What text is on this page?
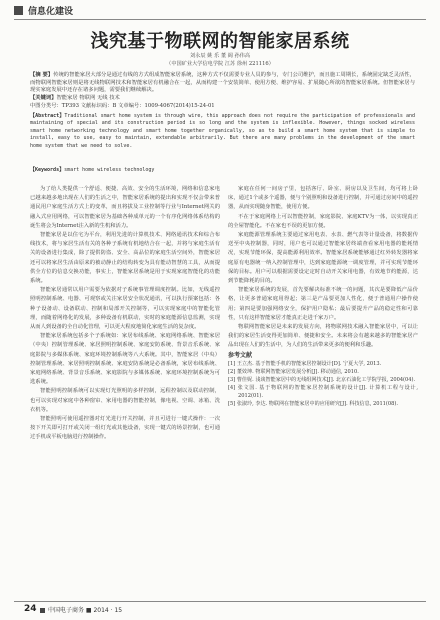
信息化建设
浅究基于物联网的智能家居系统
刘永辰 姚 乐 董 阔 孙伟高
（中国矿业大学信电学院 江苏 徐州 221116）
【摘 要】传统的智能家居大部分是通过有线的方式组成智能家居系统，这种方式不仅需要专业人员的参与，专门公司维护，而且施工周期长，系统固定缺乏灵活性，而物联网智能家居则是将无线物联网技术和智能家居有机融合在一起，从而构建一个安装简单、使用方便、维护容易、扩展随心所欲的智能家居系统。但智能家居与现实家庭发展中还存在诸多问题，需要我们继续解决。
【关键词】智能家居 物联网 无线 技术
中图分类号：TP393 文献标识码：B 文章编号：1009-4067(2014)15-24-01
【Abstract】Traditional smart home system is through wire, this approach does not require the participation of professionals and maintaining of special and its construction period is so long and the system is inflexible. However, things socked wireless smart home networking technology and smart home together organically, so as to build a smart home system that is simple to install, easy to use, easy to maintain, extendable arbitrarily. But there are many problems in the development of the smart home system that we need to solve.
【Keywords】smart home wireless technology

为了给人类提供一个舒适、便捷、高效、安全的生活环境，网络和信息家电已越来越多地出现在人们的生活之中，智能家居系统的提出和实现不仅会带来普通民用户家庭生活方式上的变革，而且将拔及工业控制等行业与Internet网关的融入式应用网络，可以智能家居为基础各种成单元的一个有序化网络体系结构的诞生将会为Internet注入新的生机和活力。

智能家居是以住宅为平台，利用先进的计算机技术、网络通讯技术和综合布线技术，将与家居生活有关的各种子系统有机地结合在一起，并将与家庭生活有关的设备进行集成，除了提供防盗、安全、高品位的家庭生活空间外，智能家居还可以将家居生活由原来的被动静止的结构转变为具有能动智慧的工具，从而提供全方位的信息交换功能，事实上，智能家居系统是用于实现家庭智能化的功能系统。

智能家居通常以用户需要为依据对子系统事管理调度控制。比如，无线遥控照明控制系统、电器、可观察或关注家居安全状况通讯，可以执行预案包括：各种子设备动、设备联动、控制和局部开关控制等，可以实现家庭中的智能化管理，而随着网络化的发展，多种设备有机联动，实时的家庭能源信息监测，实现从而人到设备的全自动化管理，可以更大程度地简化家庭生活的复杂度。

智能家居系统包括多个子系统如：家居布线系统、家庭网络系统、智能家居（中央）控制管理系统、家居照明控制系统、家庭安防系统、背景音乐系统、家庭影院与多媒体系统、家庭环境控制系统等八大系统。其中，智能家居（中央）控制管理系统、家居照明控制系统、家庭安防系统是必备系统，家居布线系统、家庭网络系统、背景音乐系统、家庭影院与多媒体系统、家庭环境控制系统为可选系统。

智能照明控制系统可以实现灯光照明的多样控制，远程控制以及联动控制，也可以实现对家庭中各种窗帘、家用电器的智能控制，像电视、空调、冰箱、洗衣机等。

智能照明可使用遥控器对灯光进行开关控制，并且可进行一键式操作：一次按下开关即可打开或关闭一组灯光或其他设备，实现一键式的场景控制，也可通过手机或平板电脑进行控制操作。

家庭在任何一间房子里，包括客厅、卧室、厨房以及卫生间，均可将上卧床，通过1个或多个遥器，便与个别照明和设备进行控制，并可通过房间中的遥控器，从而实现随身智能，使用方便。

不在于家庭网络上可以智能控制，家庭影院、家庭KTV为一体，以实现真正的全屋智能化。不在家也不误的更加方便。

家庭能源管理系统主要通过家用电表、水表、燃气表等计量设备，将数据传送至中央控制器，同时，用户也可以通过智能家居终端查看家用电器的能耗情况，实现节能环保，提高能源利用效率。智能家居系统能够通过红外转发器将家庭原有电器统一纳入控制管理中，达到家庭能源统一调度管理，并可实现节能环保的目标。用户可以根据需要设定定时自动开关家用电器，有效地节约能源，达到节能降耗的目的。

智能家居系统的发展，首先要解决标准不统一的问题，其次是要降低产品价格，让更多普通家庭用得起；第三是产品要更加人性化，便于普通用户操作使用；第四是要加强网络安全，保护用户隐私；最后要提升产品的稳定性和可靠性，只有这样智能家居才能真正走进千家万户。

物联网智能家居是未来的发展方向，将物联网技术融入智能家居中，可以让我们的家居生活变得更加简单、便捷和安全。未来将会有越来越多的智能家居产品出现在人们的生活中，为人们的生活带来更多的便利和乐趣。

参考文献

[1] 王立杰. 基于智能手机的智能家居控制设计[D]. 宁夏大学, 2013.

[2] 董效坤. 物联网智能家居发展分析[J]. 移动通信, 2010.

[3] 曹佳妮. 浅谈智能家居中的无线组网技术[J]. 北京石油化工学院学报, 2004(04).

[4] 张文国. 基于物联网的智能家居控制系统的设计[J]. 计算机工程与设计, 2012(01).

[5] 张淑玲, 李达. 物联网在智能家居中的应用研究[J]. 科技信息, 2011(08).

24 中国电子商务 ■ 2014 · 15
